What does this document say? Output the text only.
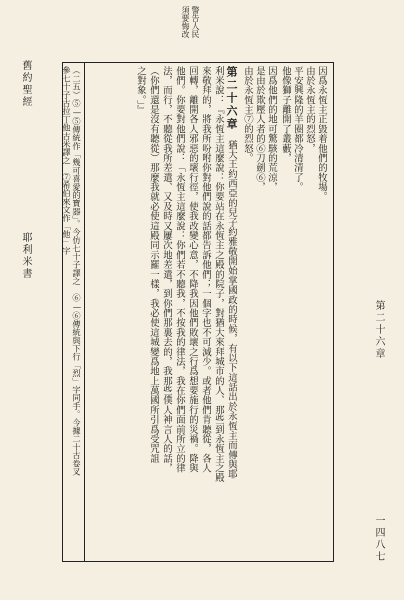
警告人民
須要悔改
第二十六章
一四八七
舊約聖經
耶利米書
因爲永恆主正毀着他們的牧場。
由於永恆主的烈怒，
平安興隆的羊圈都冷清清了。
他像獅子離開了叢藪，
因爲他們的地可驚駭的荒涼，
是由於欺壓人者的⑥刀劍⑥，
由於永恆主⑦的烈怒。
第二十六章
猶大王約西亞的兒子約雅敬開始掌國政的時候，有以下這話出於永恆主而傳與耶
利米說：『永恆主這麼說：你要站在永恆主之殿的院子，對猶大來拜城市的人、那些到永恆主之殿
來敬拜的，將我所吩咐你對他們說的話都告訴他們；一個字也不可減少。或者他們肯聽從，各人
回轉，離開各人邪惡的壞行徑，使我改變心意，不降我因他們敗壞之行爲想要施行的災禍。降與
他們。你要對他們說：「永恆主這麼說：你們若不聽我，不按我的律法，我在你們面前所立的律
法，而行，不聽從我所差遣、又及時又屢次地差遣，到你們那裏去的，我那些僕人神言人的話，
（你們還是沒有聽從）那麼我就必使這殿同示羅一樣，我必使這城變爲地上萬國所引爲受咒詛
之對象。」』
（二五）⑤—⑤傳統作「幾可喜愛的寶器」。今仿七十子譯之　⑥—⑥傳統與下行「烈」字同手。今據二十古卷叉
參七十子古拉丁他古米譯之　⑦希伯來文作「他」字
